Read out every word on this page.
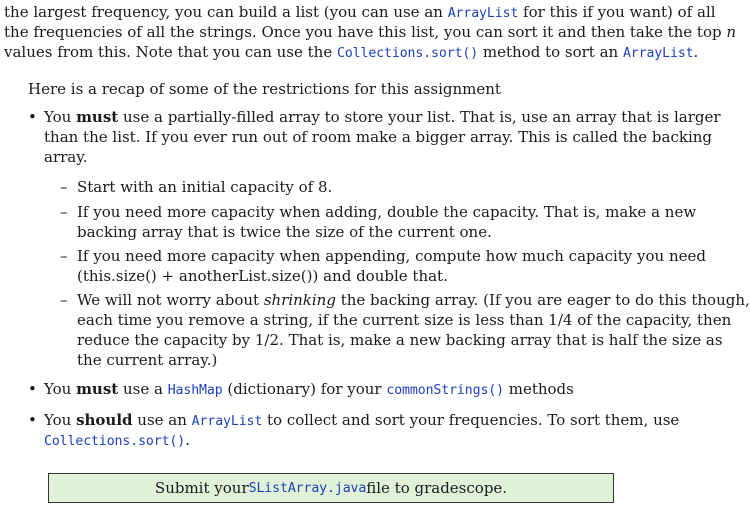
the largest frequency, you can build a list (you can use an ArrayList for this if you want) of all
the frequencies of all the strings. Once you have this list, you can sort it and then take the top n
values from this. Note that you can use the Collections.sort() method to sort an ArrayList.
Here is a recap of some of the restrictions for this assignment
• You must use a partially-filled array to store your list. That is, use an array that is larger
than the list. If you ever run out of room make a bigger array. This is called the backing
array.
– Start with an initial capacity of 8.
– If you need more capacity when adding, double the capacity. That is, make a new
backing array that is twice the size of the current one.
– If you need more capacity when appending, compute how much capacity you need
(this.size() + anotherList.size()) and double that.
– We will not worry about shrinking the backing array. (If you are eager to do this though,
each time you remove a string, if the current size is less than 1/4 of the capacity, then
reduce the capacity by 1/2. That is, make a new backing array that is half the size as
the current array.)
• You must use a HashMap (dictionary) for your commonStrings() methods
• You should use an ArrayList to collect and sort your frequencies. To sort them, use
Collections.sort().
Submit your SListArray.java file to gradescope.
